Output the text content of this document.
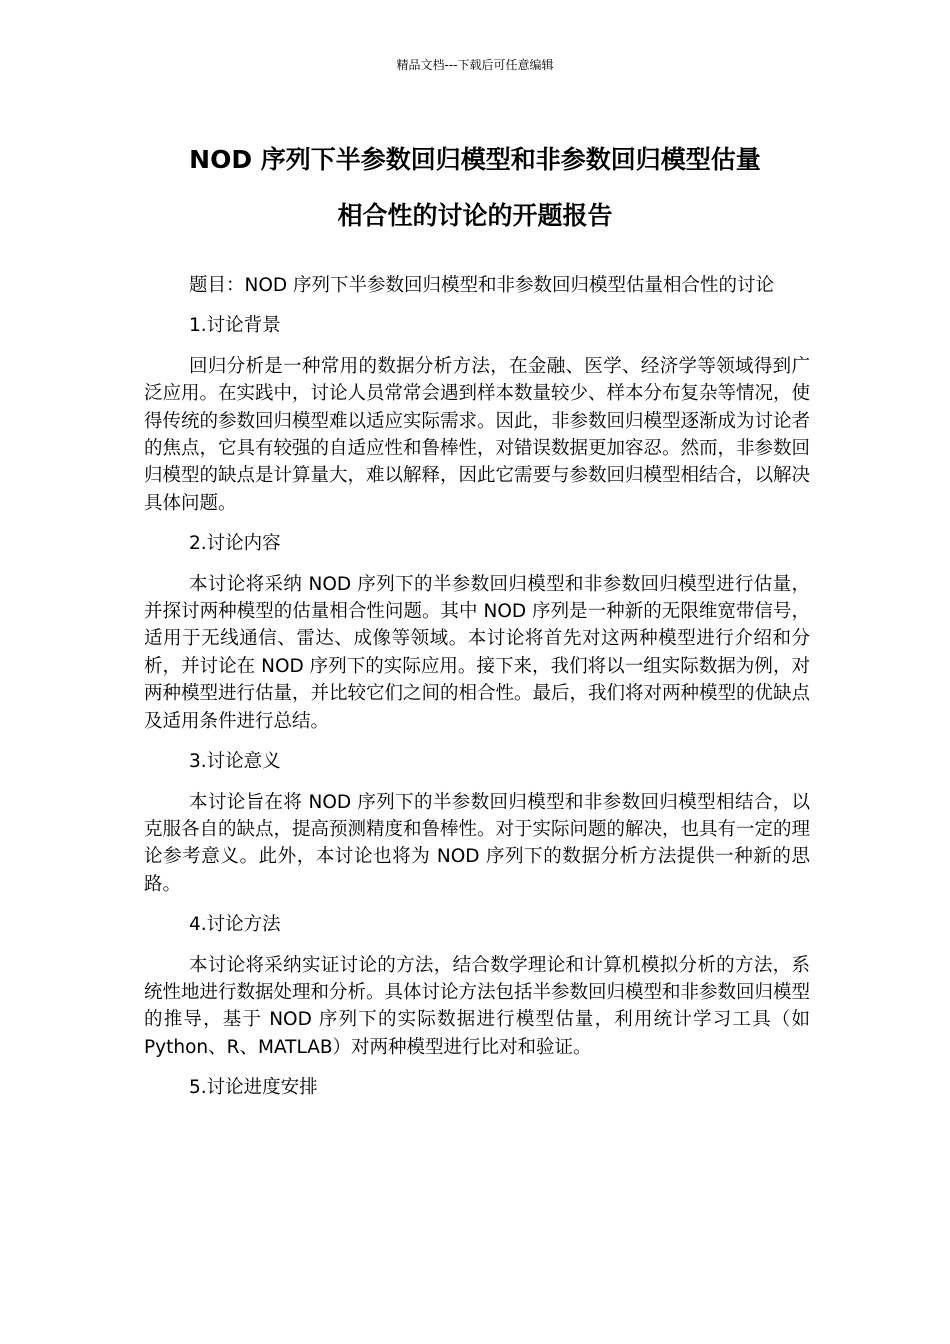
精品文档---下载后可任意编辑
NOD 序列下半参数回归模型和非参数回归模型估量
相合性的讨论的开题报告

题目：NOD 序列下半参数回归模型和非参数回归模型估量相合性的讨论

1.讨论背景

回归分析是一种常用的数据分析方法，在金融、医学、经济学等领域得到广泛应用。在实践中，讨论人员常常会遇到样本数量较少、样本分布复杂等情况，使得传统的参数回归模型难以适应实际需求。因此，非参数回归模型逐渐成为讨论者的焦点，它具有较强的自适应性和鲁棒性，对错误数据更加容忍。然而，非参数回归模型的缺点是计算量大，难以解释，因此它需要与参数回归模型相结合，以解决具体问题。

2.讨论内容

本讨论将采纳 NOD 序列下的半参数回归模型和非参数回归模型进行估量，并探讨两种模型的估量相合性问题。其中 NOD 序列是一种新的无限维宽带信号，适用于无线通信、雷达、成像等领域。本讨论将首先对这两种模型进行介绍和分析，并讨论在 NOD 序列下的实际应用。接下来，我们将以一组实际数据为例，对两种模型进行估量，并比较它们之间的相合性。最后，我们将对两种模型的优缺点及适用条件进行总结。

3.讨论意义

本讨论旨在将 NOD 序列下的半参数回归模型和非参数回归模型相结合，以克服各自的缺点，提高预测精度和鲁棒性。对于实际问题的解决，也具有一定的理论参考意义。此外，本讨论也将为 NOD 序列下的数据分析方法提供一种新的思路。

4.讨论方法

本讨论将采纳实证讨论的方法，结合数学理论和计算机模拟分析的方法，系统性地进行数据处理和分析。具体讨论方法包括半参数回归模型和非参数回归模型的推导，基于 NOD 序列下的实际数据进行模型估量，利用统计学习工具（如 Python、R、MATLAB）对两种模型进行比对和验证。

5.讨论进度安排
